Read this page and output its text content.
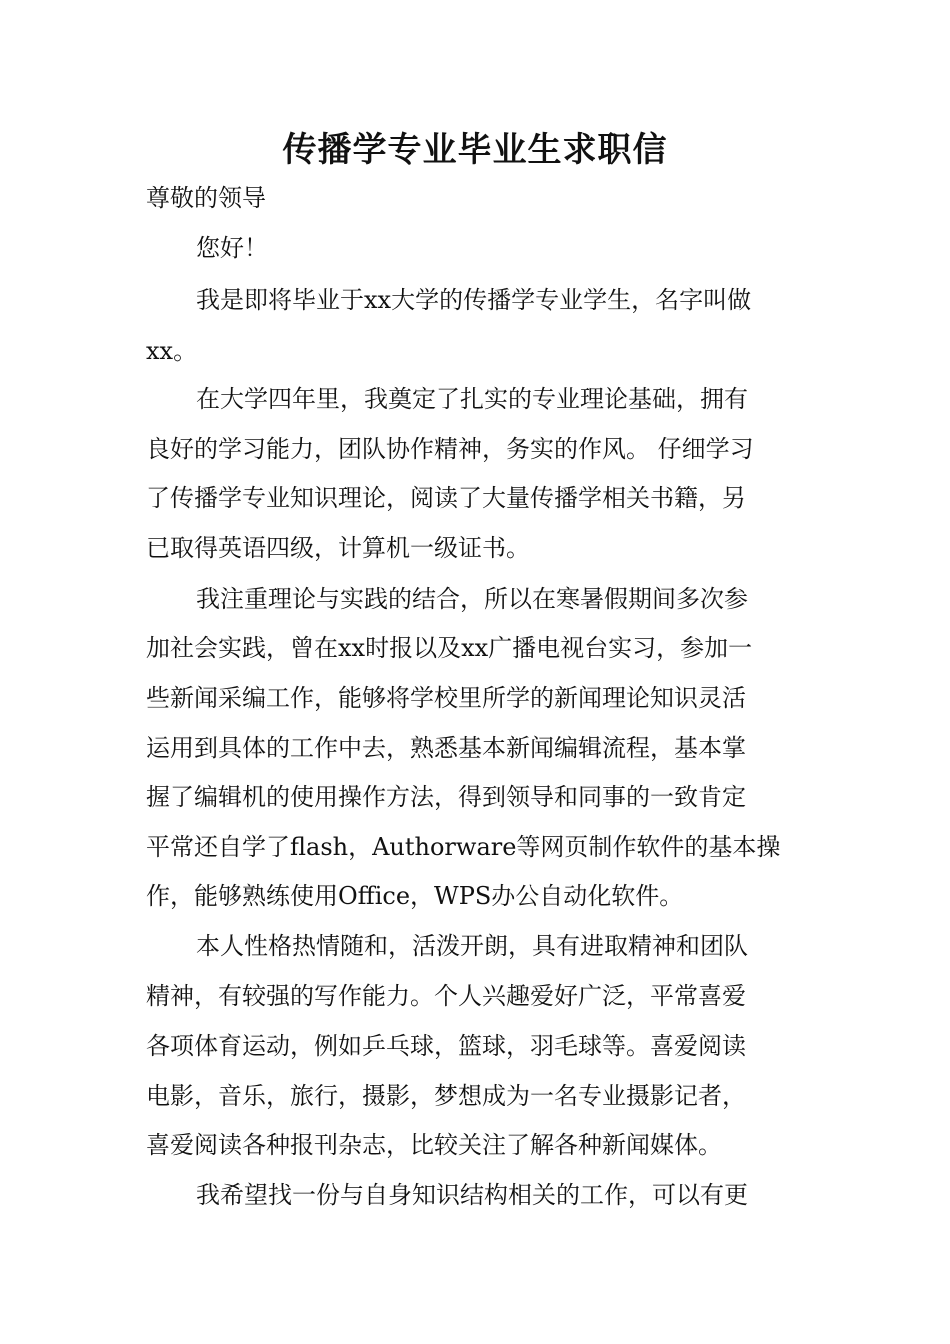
传播学专业毕业生求职信

尊敬的领导

您好！

我是即将毕业于xx大学的传播学专业学生，名字叫做

xx。

在大学四年里，我奠定了扎实的专业理论基础，拥有

良好的学习能力，团队协作精神，务实的作风。 仔细学习

了传播学专业知识理论，阅读了大量传播学相关书籍，另

已取得英语四级，计算机一级证书。

我注重理论与实践的结合，所以在寒暑假期间多次参

加社会实践，曾在xx时报以及xx广播电视台实习，参加一

些新闻采编工作，能够将学校里所学的新闻理论知识灵活

运用到具体的工作中去，熟悉基本新闻编辑流程，基本掌

握了编辑机的使用操作方法，得到领导和同事的一致肯定

平常还自学了flash，Authorware等网页制作软件的基本操

作，能够熟练使用Office，WPS办公自动化软件。

本人性格热情随和，活泼开朗，具有进取精神和团队

精神，有较强的写作能力。个人兴趣爱好广泛，平常喜爱

各项体育运动，例如乒乓球，篮球，羽毛球等。喜爱阅读

电影，音乐，旅行，摄影，梦想成为一名专业摄影记者，

喜爱阅读各种报刊杂志，比较关注了解各种新闻媒体。

我希望找一份与自身知识结构相关的工作，可以有更
